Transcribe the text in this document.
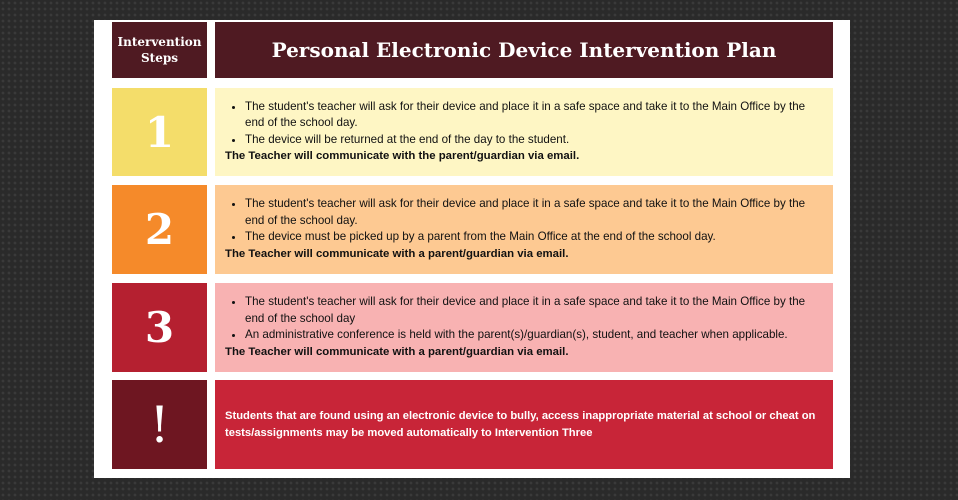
Intervention Steps	Personal Electronic Device Intervention Plan
1
• The student's teacher will ask for their device and place it in a safe space and take it to the Main Office by the end of the school day.
• The device will be returned at the end of the day to the student.
The Teacher will communicate with the parent/guardian via email.
2
• The student's teacher will ask for their device and place it in a safe space and take it to the Main Office by the end of the school day.
• The device must be picked up by a parent from the Main Office at the end of the school day.
The Teacher will communicate with a parent/guardian via email.
3
• The student's teacher will ask for their device and place it in a safe space and take it to the Main Office by the end of the school day
• An administrative conference is held with the parent(s)/guardian(s), student, and teacher when applicable.
The Teacher will communicate with a parent/guardian via email.
!	Students that are found using an electronic device to bully, access inappropriate material at school or cheat on tests/assignments may be moved automatically to Intervention Three
